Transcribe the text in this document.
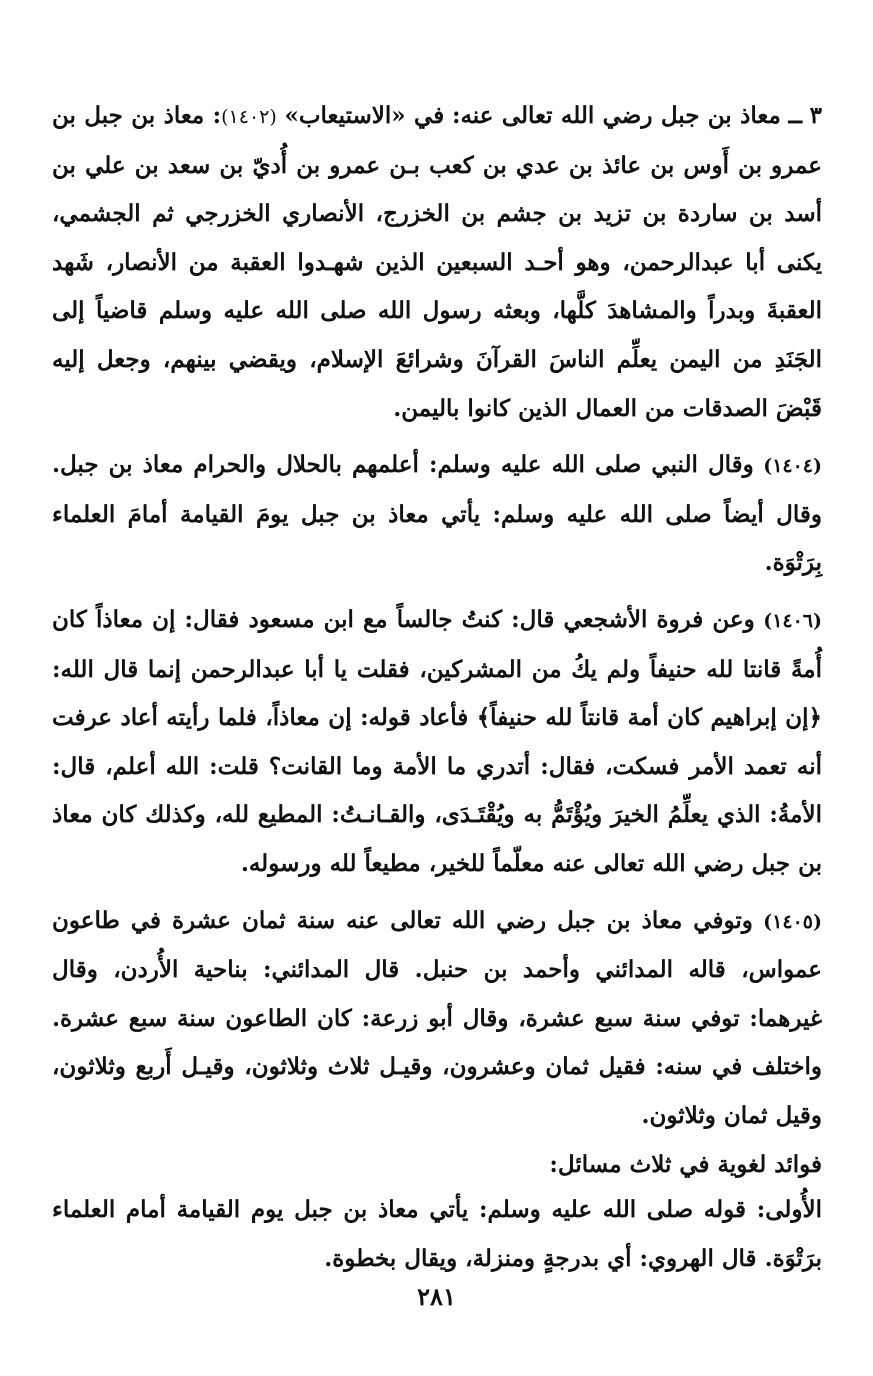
٣ ــ معاذ بن جبل رضي الله تعالى عنه: في «الاستيعاب» (١٤٠٢): معاذ بن جبل بن عمرو بن أَوس بن عائذ بن عدي بن كعب بـن عمرو بن أُديّ بن سعد بن علي بن أسد بن ساردة بن تزيد بن جشم بن الخزرج، الأنصاري الخزرجي ثم الجشمي، يكنى أبا عبدالرحمن، وهو أحـد السبعين الذين شهـدوا العقبة من الأنصار، شَهد العقبةَ وبدراً والمشاهدَ كلَّها، وبعثه رسول الله صلى الله عليه وسلم قاضياً إلى الجَنَدِ من اليمن يعلِّم الناسَ القرآنَ وشرائعَ الإسلام، ويقضي بينهم، وجعل إليه قَبْضَ الصدقات من العمال الذين كانوا باليمن.

(١٤٠٤) وقال النبي صلى الله عليه وسلم: أعلمهم بالحلال والحرام معاذ بن جبل. وقال أيضاً صلى الله عليه وسلم: يأتي معاذ بن جبل يومَ القيامة أمامَ العلماء بِرَتْوَة.

(١٤٠٦) وعن فروة الأشجعي قال: كنتُ جالساً مع ابن مسعود فقال: إن معاذاً كان أُمةً قانتا لله حنيفاً ولم يكُ من المشركين، فقلت يا أبا عبدالرحمن إنما قال الله: ﴿إن إبراهيم كان أمة قانتاً لله حنيفاً﴾ فأعاد قوله: إن معاذاً، فلما رأيته أعاد عرفت أنه تعمد الأمر فسكت، فقال: أتدري ما الأمة وما القانت؟ قلت: الله أعلم، قال: الأمةُ: الذي يعلِّمُ الخيرَ ويُؤْتَمُّ به ويُقْتَـدَى، والقـانـتُ: المطيع لله، وكذلك كان معاذ بن جبل رضي الله تعالى عنه معلّماً للخير، مطيعاً لله ورسوله.

(١٤٠٥) وتوفي معاذ بن جبل رضي الله تعالى عنه سنة ثمان عشرة في طاعون عمواس، قاله المدائني وأحمد بن حنبل. قال المدائني: بناحية الأُردن، وقال غيرهما: توفي سنة سبع عشرة، وقال أبو زرعة: كان الطاعون سنة سبع عشرة. واختلف في سنه: فقيل ثمان وعشرون، وقيـل ثلاث وثلاثون، وقيـل أَربع وثلاثون، وقيل ثمان وثلاثون.

فوائد لغوية في ثلاث مسائل:

الأُولى: قوله صلى الله عليه وسلم: يأتي معاذ بن جبل يوم القيامة أمام العلماء برَتْوَة. قال الهروي: أي بدرجةٍ ومنزلة، ويقال بخطوة.

٢٨١
